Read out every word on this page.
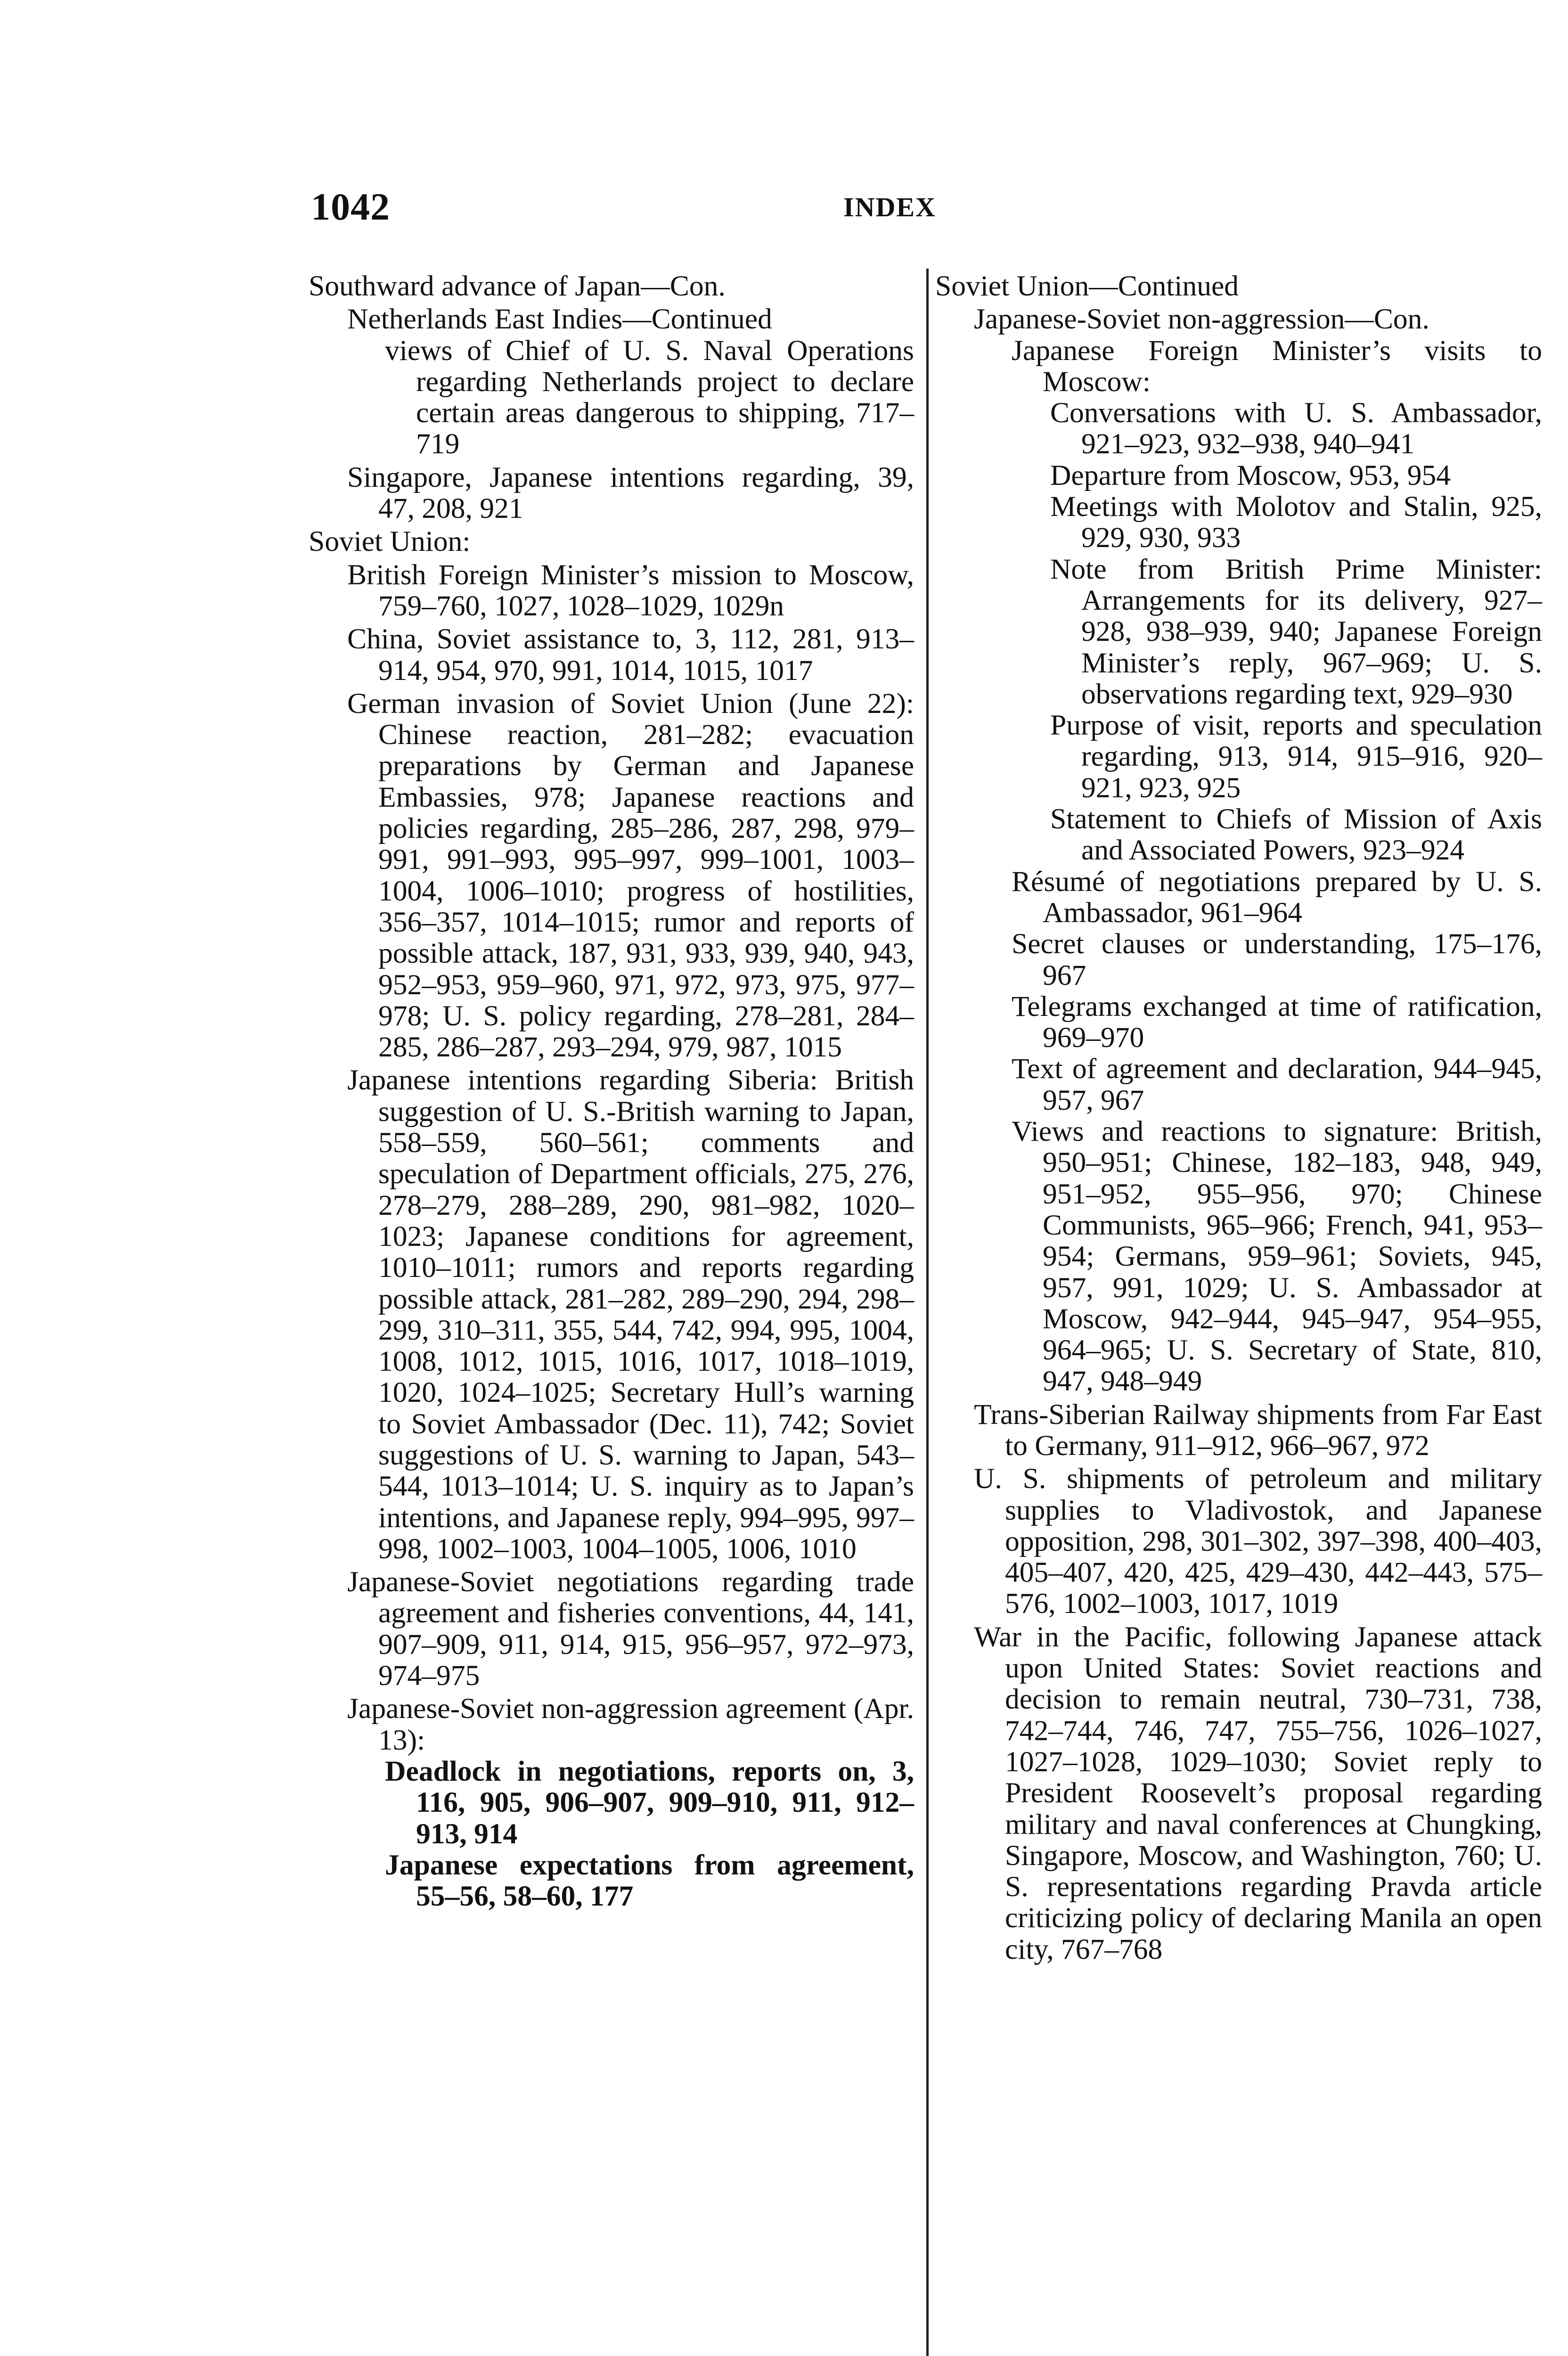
1042	INDEX

Southward advance of Japan—Con.

Netherlands East Indies—Continued

views of Chief of U. S. Naval Operations regarding Netherlands project to declare certain areas dangerous to shipping, 717–719

Singapore, Japanese intentions regarding, 39, 47, 208, 921

Soviet Union:

British Foreign Minister’s mission to Moscow, 759–760, 1027, 1028–1029, 1029n

China, Soviet assistance to, 3, 112, 281, 913–914, 954, 970, 991, 1014, 1015, 1017

German invasion of Soviet Union (June 22): Chinese reaction, 281–282; evacuation preparations by German and Japanese Embassies, 978; Japanese reactions and policies regarding, 285–286, 287, 298, 979–991, 991–993, 995–997, 999–1001, 1003–1004, 1006–1010; progress of hostilities, 356–357, 1014–1015; rumor and reports of possible attack, 187, 931, 933, 939, 940, 943, 952–953, 959–960, 971, 972, 973, 975, 977–978; U. S. policy regarding, 278–281, 284–285, 286–287, 293–294, 979, 987, 1015

Japanese intentions regarding Siberia: British suggestion of U. S.-British warning to Japan, 558–559, 560–561; comments and speculation of Department officials, 275, 276, 278–279, 288–289, 290, 981–982, 1020–1023; Japanese conditions for agreement, 1010–1011; rumors and reports regarding possible attack, 281–282, 289–290, 294, 298–299, 310–311, 355, 544, 742, 994, 995, 1004, 1008, 1012, 1015, 1016, 1017, 1018–1019, 1020, 1024–1025; Secretary Hull’s warning to Soviet Ambassador (Dec. 11), 742; Soviet suggestions of U. S. warning to Japan, 543–544, 1013–1014; U. S. inquiry as to Japan’s intentions, and Japanese reply, 994–995, 997–998, 1002–1003, 1004–1005, 1006, 1010

Japanese-Soviet negotiations regarding trade agreement and fisheries conventions, 44, 141, 907–909, 911, 914, 915, 956–957, 972–973, 974–975

Japanese-Soviet non-aggression agreement (Apr. 13):

Deadlock in negotiations, reports on, 3, 116, 905, 906–907, 909–910, 911, 912–913, 914

Japanese expectations from agreement, 55–56, 58–60, 177

Soviet Union—Continued

Japanese-Soviet non-aggression—Con.

Japanese Foreign Minister’s visits to Moscow:

Conversations with U. S. Ambassador, 921–923, 932–938, 940–941

Departure from Moscow, 953, 954

Meetings with Molotov and Stalin, 925, 929, 930, 933

Note from British Prime Minister: Arrangements for its delivery, 927–928, 938–939, 940; Japanese Foreign Minister’s reply, 967–969; U. S. observations regarding text, 929–930

Purpose of visit, reports and speculation regarding, 913, 914, 915–916, 920–921, 923, 925

Statement to Chiefs of Mission of Axis and Associated Powers, 923–924

Résumé of negotiations prepared by U. S. Ambassador, 961–964

Secret clauses or understanding, 175–176, 967

Telegrams exchanged at time of ratification, 969–970

Text of agreement and declaration, 944–945, 957, 967

Views and reactions to signature: British, 950–951; Chinese, 182–183, 948, 949, 951–952, 955–956, 970; Chinese Communists, 965–966; French, 941, 953–954; Germans, 959–961; Soviets, 945, 957, 991, 1029; U. S. Ambassador at Moscow, 942–944, 945–947, 954–955, 964–965; U. S. Secretary of State, 810, 947, 948–949

Trans-Siberian Railway shipments from Far East to Germany, 911–912, 966–967, 972

U. S. shipments of petroleum and military supplies to Vladivostok, and Japanese opposition, 298, 301–302, 397–398, 400–403, 405–407, 420, 425, 429–430, 442–443, 575–576, 1002–1003, 1017, 1019

War in the Pacific, following Japanese attack upon United States: Soviet reactions and decision to remain neutral, 730–731, 738, 742–744, 746, 747, 755–756, 1026–1027, 1027–1028, 1029–1030; Soviet reply to President Roosevelt’s proposal regarding military and naval conferences at Chungking, Singapore, Moscow, and Washington, 760; U. S. representations regarding Pravda article criticizing policy of declaring Manila an open city, 767–768
